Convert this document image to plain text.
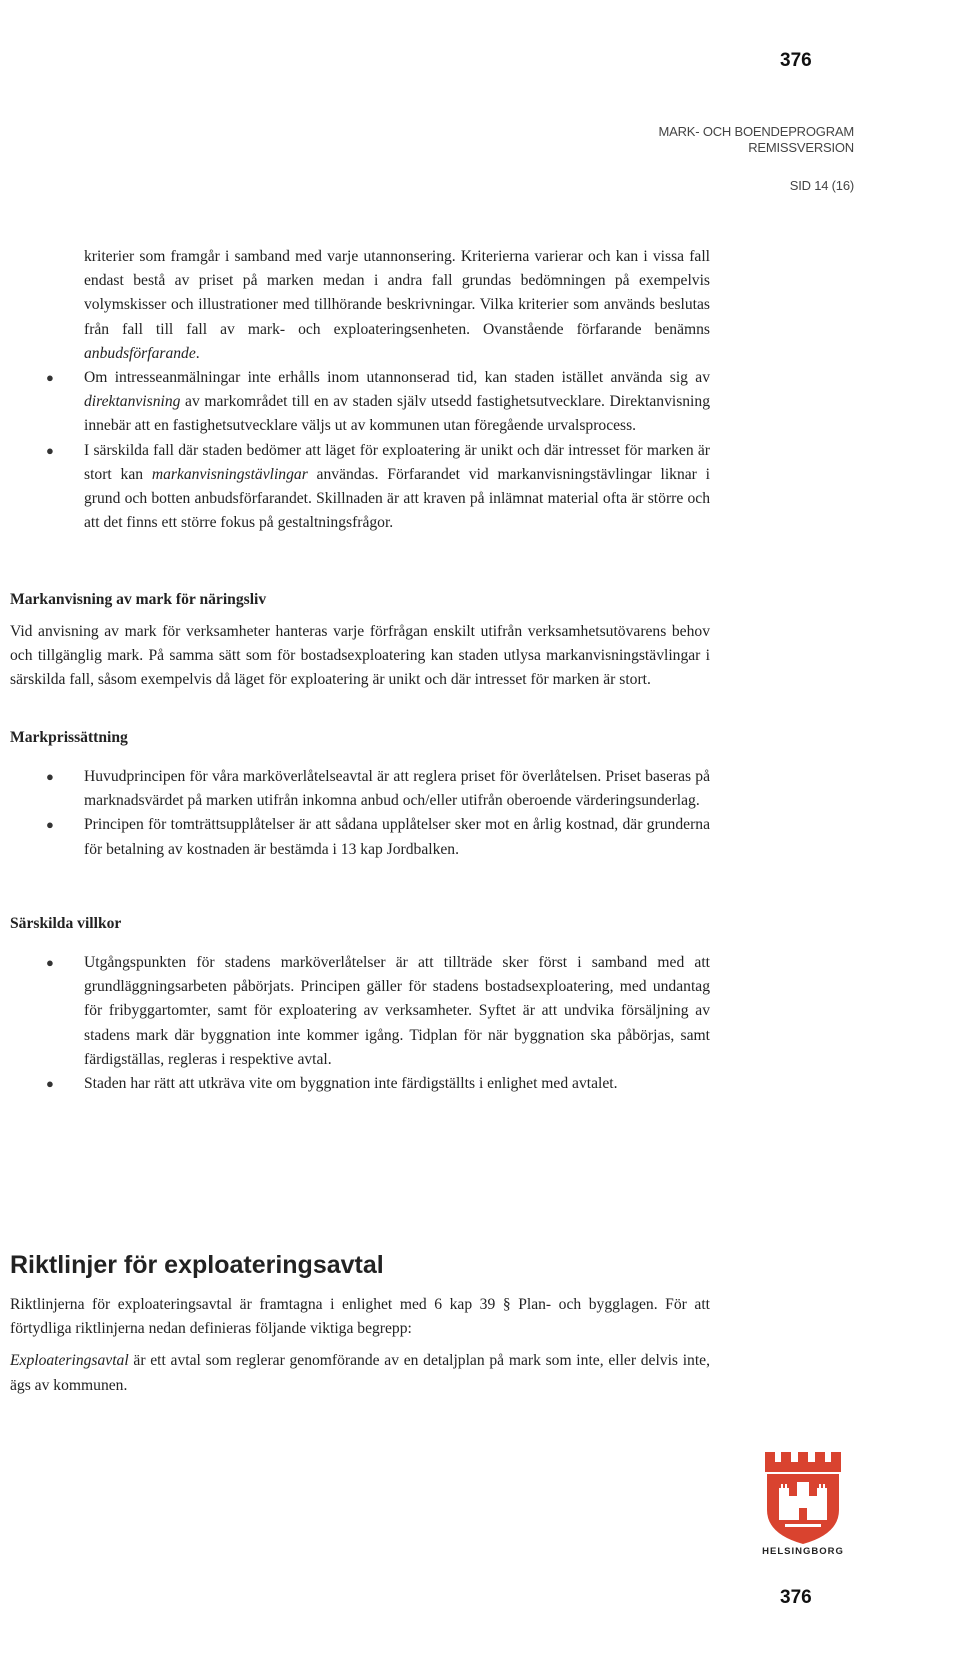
376
MARK- OCH BOENDEPROGRAM
REMISSVERSION
SID 14 (16)

kriterier som framgår i samband med varje utannonsering. Kriterierna varierar och kan i vissa fall endast bestå av priset på marken medan i andra fall grundas bedömningen på exempelvis volymskisser och illustrationer med tillhörande beskrivningar. Vilka kriterier som används beslutas från fall till fall av mark- och exploateringsenheten. Ovanstående förfarande benämns anbudsförfarande.

● Om intresseanmälningar inte erhålls inom utannonserad tid, kan staden istället använda sig av direktanvisning av markområdet till en av staden själv utsedd fastighetsutvecklare. Direktanvisning innebär att en fastighetsutvecklare väljs ut av kommunen utan föregående urvalsprocess.
● I särskilda fall där staden bedömer att läget för exploatering är unikt och där intresset för marken är stort kan markanvisningstävlingar användas. Förfarandet vid markanvisningstävlingar liknar i grund och botten anbudsförfarandet. Skillnaden är att kraven på inlämnat material ofta är större och att det finns ett större fokus på gestaltningsfrågor.
Markanvisning av mark för näringsliv

Vid anvisning av mark för verksamheter hanteras varje förfrågan enskilt utifrån verksamhetsutövarens behov och tillgänglig mark. På samma sätt som för bostadsexploatering kan staden utlysa markanvisningstävlingar i särskilda fall, såsom exempelvis då läget för exploatering är unikt och där intresset för marken är stort.

Markprissättning
● Huvudprincipen för våra marköverlåtelseavtal är att reglera priset för överlåtelsen. Priset baseras på marknadsvärdet på marken utifrån inkomna anbud och/eller utifrån oberoende värderingsunderlag.
● Principen för tomträttsupplåtelser är att sådana upplåtelser sker mot en årlig kostnad, där grunderna för betalning av kostnaden är bestämda i 13 kap Jordbalken.
Särskilda villkor
● Utgångspunkten för stadens marköverlåtelser är att tillträde sker först i samband med att grundläggningsarbeten påbörjats. Principen gäller för stadens bostadsexploatering, med undantag för fribyggartomter, samt för exploatering av verksamheter. Syftet är att undvika försäljning av stadens mark där byggnation inte kommer igång. Tidplan för när byggnation ska påbörjas, samt färdigställas, regleras i respektive avtal.
● Staden har rätt att utkräva vite om byggnation inte färdigställts i enlighet med avtalet.
Riktlinjer för exploateringsavtal

Riktlinjerna för exploateringsavtal är framtagna i enlighet med 6 kap 39 § Plan- och bygglagen. För att förtydliga riktlinjerna nedan definieras följande viktiga begrepp:

Exploateringsavtal är ett avtal som reglerar genomförande av en detaljplan på mark som inte, eller delvis inte, ägs av kommunen.

HELSINGBORG
376
